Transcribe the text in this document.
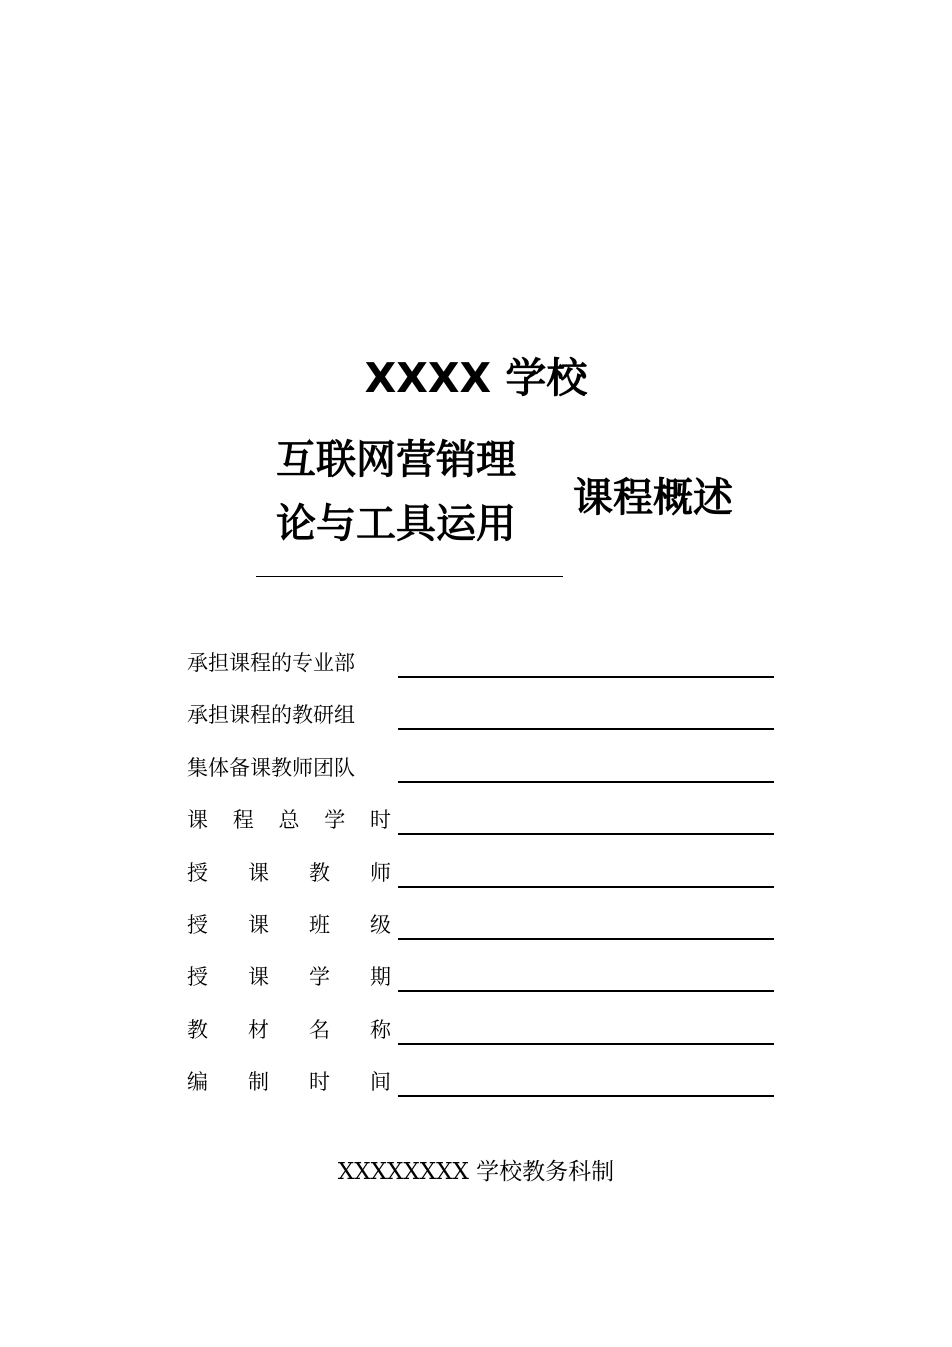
XXXX 学校
互联网营销理
论与工具运用
课程概述
承担课程的专业部
承担课程的教研组
集体备课教师团队
课 程 总 学 时
授 课 教 师
授 课 班 级
授 课 学 期
教 材 名 称
编 制 时 间

XXXXXXXX 学校教务科制
